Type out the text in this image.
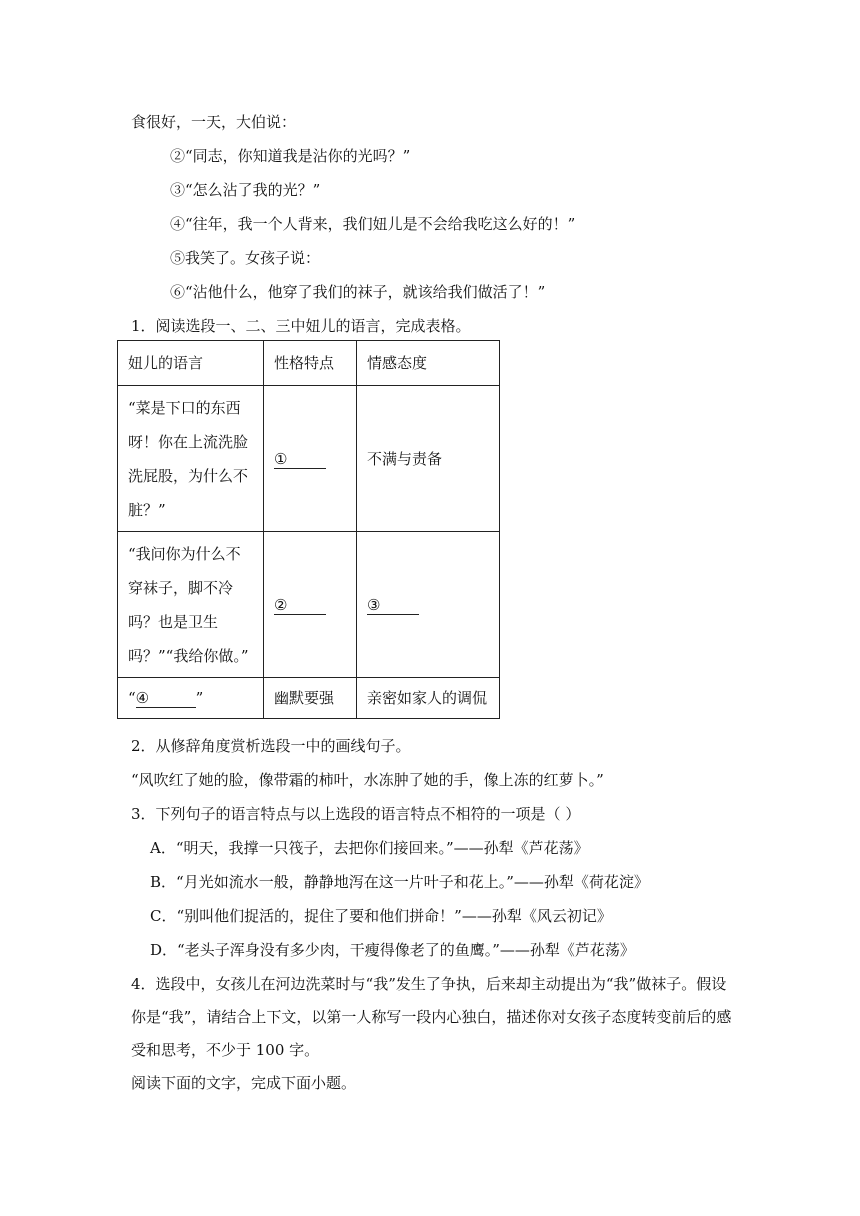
食很好，一天，大伯说：
②“同志，你知道我是沾你的光吗？”
③“怎么沾了我的光？”
④“往年，我一个人背来，我们妞儿是不会给我吃这么好的！”
⑤我笑了。女孩子说：
⑥“沾他什么，他穿了我们的袜子，就该给我们做活了！”
1．阅读选段一、二、三中妞儿的语言，完成表格。
妞儿的语言	性格特点	情感态度

“菜是下口的东西
呀！你在上流洗脸
洗屁股，为什么不
脏？”	①	不满与责备

“我问你为什么不
穿袜子，脚不冷
吗？也是卫生
吗？”“我给你做。”	②	③
“④ ”	幽默要强	亲密如家人的调侃
2．从修辞角度赏析选段一中的画线句子。
“风吹红了她的脸，像带霜的柿叶，水冻肿了她的手，像上冻的红萝卜。”
3．下列句子的语言特点与以上选段的语言特点不相符的一项是（ ）
A．“明天，我撑一只筏子，去把你们接回来。”——孙犁《芦花荡》
B．“月光如流水一般，静静地泻在这一片叶子和花上。”——孙犁《荷花淀》
C．“别叫他们捉活的，捉住了要和他们拼命！”——孙犁《风云初记》
D．“老头子浑身没有多少肉，干瘦得像老了的鱼鹰。”——孙犁《芦花荡》
4．选段中，女孩儿在河边洗菜时与“我”发生了争执，后来却主动提出为“我”做袜子。假设
你是“我”，请结合上下文，以第一人称写一段内心独白，描述你对女孩子态度转变前后的感
受和思考，不少于 100 字。
阅读下面的文字，完成下面小题。
